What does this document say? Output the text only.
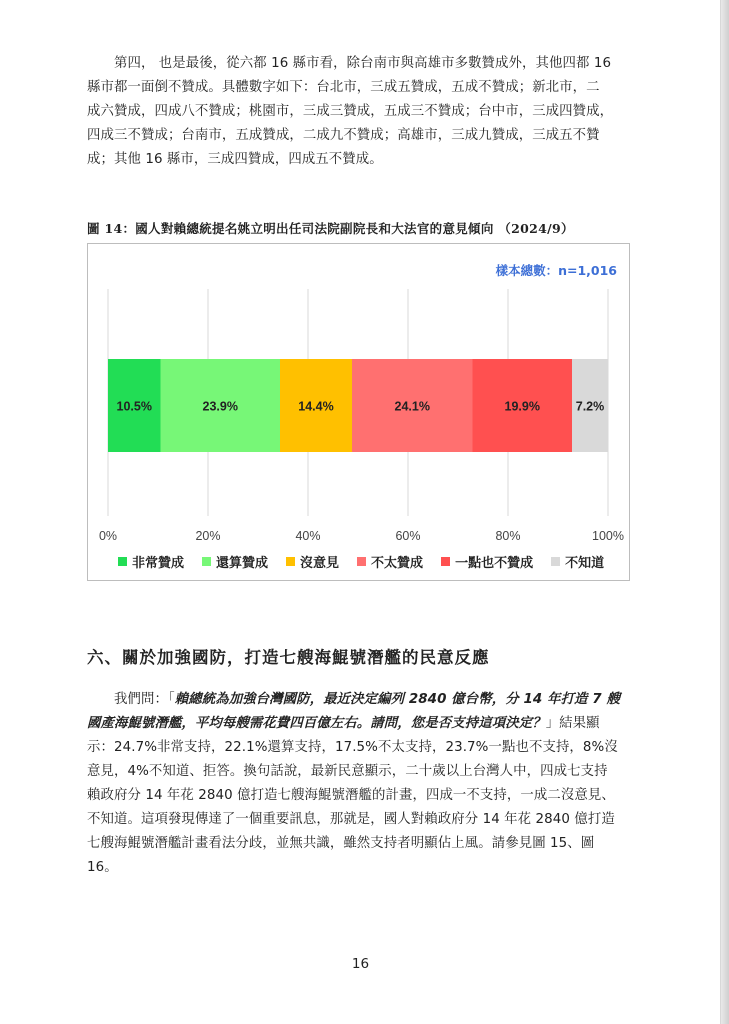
　　第四， 也是最後，從六都 16 縣市看，除台南市與高雄市多數贊成外，其他四都 16
縣市都一面倒不贊成。具體數字如下：台北市，三成五贊成，五成不贊成；新北市，二
成六贊成，四成八不贊成；桃園市，三成三贊成，五成三不贊成；台中市，三成四贊成，
四成三不贊成；台南市，五成贊成，二成九不贊成；高雄市，三成九贊成，三成五不贊
成；其他 16 縣市，三成四贊成，四成五不贊成。
圖 14：國人對賴總統提名姚立明出任司法院副院長和大法官的意見傾向 （2024/9）
樣本總數：n=1,016
0%	20%	40%	60%	80%	100%
10.5%	23.9%	14.4%	24.1%	19.9%	7.2%
非常贊成 還算贊成 沒意見 不太贊成 一點也不贊成 不知道
六、關於加強國防，打造七艘海鯤號潛艦的民意反應
　　我們問：「賴總統為加強台灣國防，最近決定編列 2840 億台幣，分 14 年打造 7 艘
國產海鯤號潛艦，平均每艘需花費四百億左右。請問，您是否支持這項決定？」結果顯
示：24.7%非常支持，22.1%還算支持，17.5%不太支持，23.7%一點也不支持，8%沒
意見，4%不知道、拒答。換句話說，最新民意顯示，二十歲以上台灣人中，四成七支持
賴政府分 14 年花 2840 億打造七艘海鯤號潛艦的計畫，四成一不支持，一成二沒意見、
不知道。這項發現傳達了一個重要訊息，那就是，國人對賴政府分 14 年花 2840 億打造
七艘海鯤號潛艦計畫看法分歧，並無共識，雖然支持者明顯佔上風。請參見圖 15、圖
16。
16
